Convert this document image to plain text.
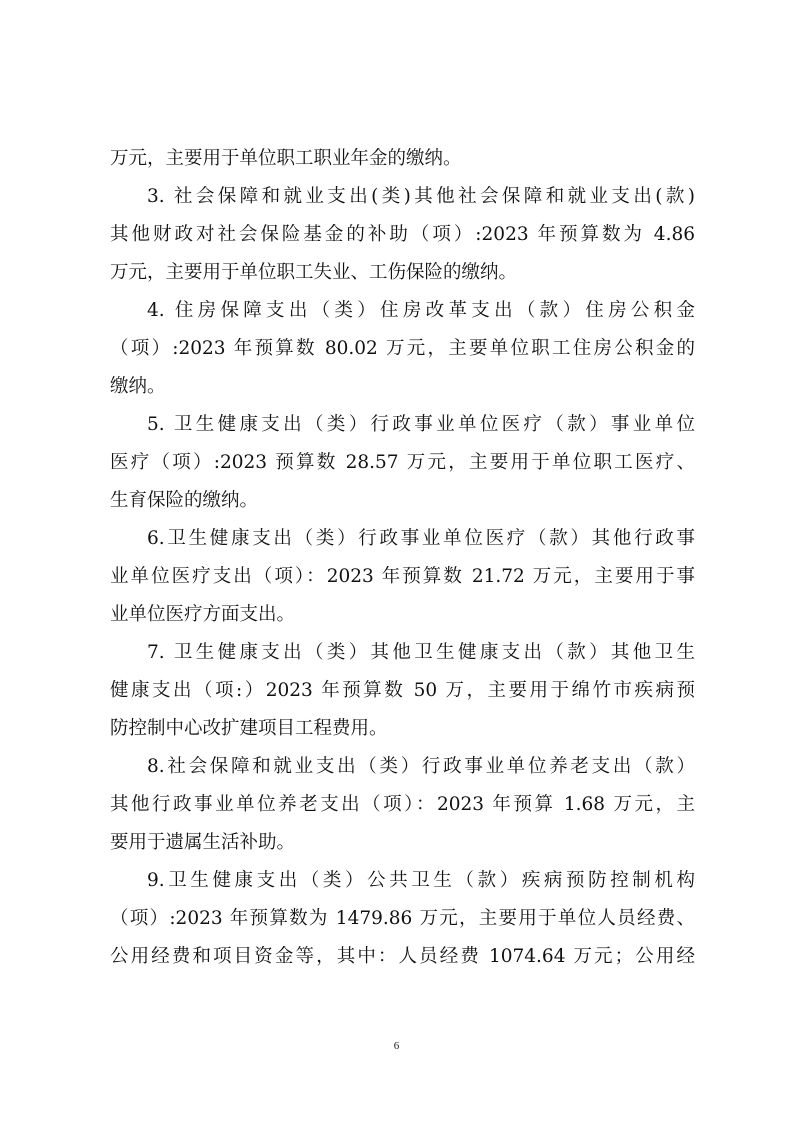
万元，主要用于单位职工职业年金的缴纳。
3. 社会保障和就业支出(类)其他社会保障和就业支出(款)
其他财政对社会保险基金的补助（项）:2023 年预算数为 4.86
万元，主要用于单位职工失业、工伤保险的缴纳。
4. 住房保障支出（类）住房改革支出（款）住房公积金
（项）:2023 年预算数 80.02 万元，主要单位职工住房公积金的
缴纳。
5. 卫生健康支出（类）行政事业单位医疗（款）事业单位
医疗（项）:2023 预算数 28.57 万元，主要用于单位职工医疗、
生育保险的缴纳。
6.卫生健康支出（类）行政事业单位医疗（款）其他行政事
业单位医疗支出（项）：2023 年预算数 21.72 万元，主要用于事
业单位医疗方面支出。
7. 卫生健康支出（类）其他卫生健康支出（款）其他卫生
健康支出（项:）2023 年预算数 50 万，主要用于绵竹市疾病预
防控制中心改扩建项目工程费用。
8.社会保障和就业支出（类）行政事业单位养老支出（款）
其他行政事业单位养老支出（项）：2023 年预算 1.68 万元，主
要用于遗属生活补助。
9.卫生健康支出（类）公共卫生（款）疾病预防控制机构
（项）:2023 年预算数为 1479.86 万元，主要用于单位人员经费、
公用经费和项目资金等，其中：人员经费 1074.64 万元；公用经
6
